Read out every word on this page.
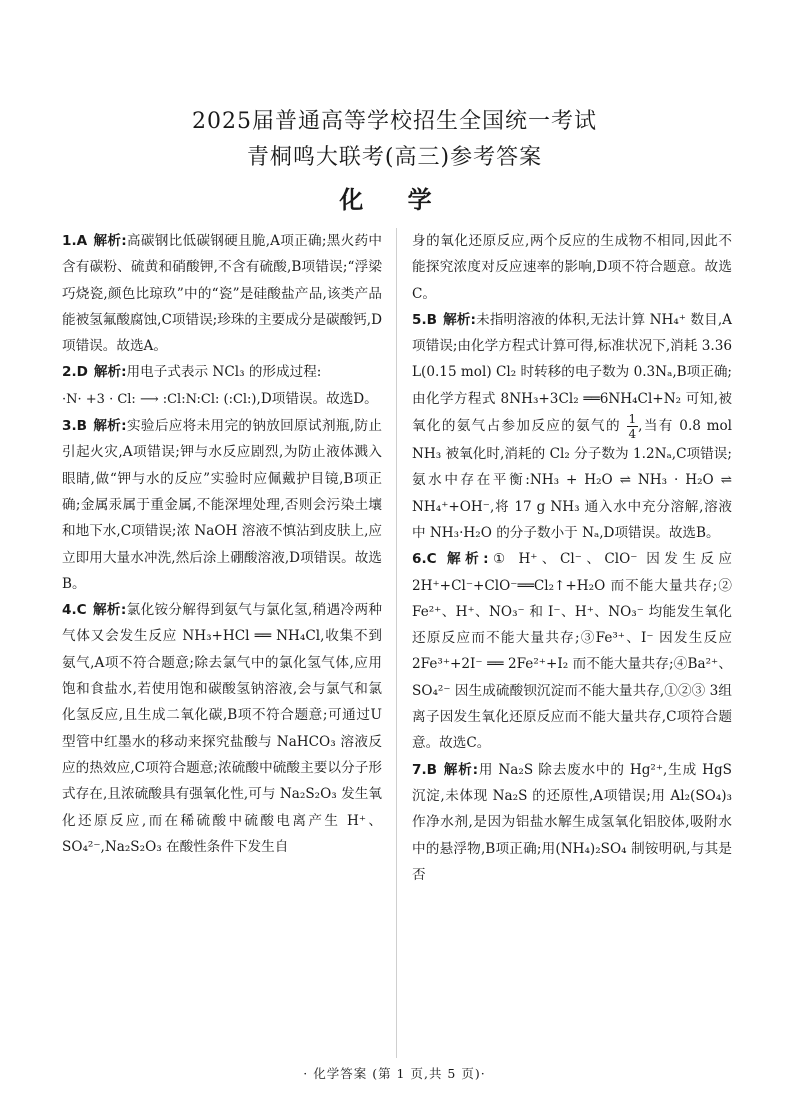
2025届普通高等学校招生全国统一考试
青桐鸣大联考(高三)参考答案
化 学

1.A 解析:高碳钢比低碳钢硬且脆,A项正确;黑火药中含有碳粉、硫黄和硝酸钾,不含有硫酸,B项错误;“浮梁巧烧瓷,颜色比琼玖”中的“瓷”是硅酸盐产品,该类产品能被氢氟酸腐蚀,C项错误;珍珠的主要成分是碳酸钙,D项错误。故选A。

2.D 解析:用电子式表示 NCl₃ 的形成过程:
·N· +3 · Cl: ⟶ :Cl:N:Cl: (:Cl:),D项错误。故选D。

3.B 解析:实验后应将未用完的钠放回原试剂瓶,防止引起火灾,A项错误;钾与水反应剧烈,为防止液体溅入眼睛,做“钾与水的反应”实验时应佩戴护目镜,B项正确;金属汞属于重金属,不能深埋处理,否则会污染土壤和地下水,C项错误;浓 NaOH 溶液不慎沾到皮肤上,应立即用大量水冲洗,然后涂上硼酸溶液,D项错误。故选B。

4.C 解析:氯化铵分解得到氨气与氯化氢,稍遇冷两种气体又会发生反应 NH₃+HCl ══ NH₄Cl,收集不到氨气,A项不符合题意;除去氯气中的氯化氢气体,应用饱和食盐水,若使用饱和碳酸氢钠溶液,会与氯气和氯化氢反应,且生成二氧化碳,B项不符合题意;可通过U型管中红墨水的移动来探究盐酸与 NaHCO₃ 溶液反应的热效应,C项符合题意;浓硫酸中硫酸主要以分子形式存在,且浓硫酸具有强氧化性,可与 Na₂S₂O₃ 发生氧化还原反应,而在稀硫酸中硫酸电离产生 H⁺、SO₄²⁻,Na₂S₂O₃ 在酸性条件下发生自

身的氧化还原反应,两个反应的生成物不相同,因此不能探究浓度对反应速率的影响,D项不符合题意。故选C。

5.B 解析:未指明溶液的体积,无法计算 NH₄⁺ 数目,A项错误;由化学方程式计算可得,标准状况下,消耗 3.36 L(0.15 mol) Cl₂ 时转移的电子数为 0.3Nₐ,B项正确;由化学方程式 8NH₃+3Cl₂ ══6NH₄Cl+N₂ 可知,被氧化的氨气占参加反应的氨气的 $\frac{1}{4}$ ,当有 0.8 mol NH₃ 被氧化时,消耗的 Cl₂ 分子数为 1.2Nₐ,C项错误;氨水中存在平衡:NH₃ + H₂O ⇌ NH₃ · H₂O ⇌ NH₄⁺+OH⁻,将 17 g NH₃ 通入水中充分溶解,溶液中 NH₃·H₂O 的分子数小于 Nₐ,D项错误。故选B。

6.C 解析:① H⁺、Cl⁻、ClO⁻ 因发生反应 2H⁺+Cl⁻+ClO⁻══Cl₂↑+H₂O 而不能大量共存;② Fe²⁺、H⁺、NO₃⁻ 和 I⁻、H⁺、NO₃⁻ 均能发生氧化还原反应而不能大量共存;③Fe³⁺、I⁻ 因发生反应 2Fe³⁺+2I⁻ ══ 2Fe²⁺+I₂ 而不能大量共存;④Ba²⁺、SO₄²⁻ 因生成硫酸钡沉淀而不能大量共存,①②③ 3组离子因发生氧化还原反应而不能大量共存,C项符合题意。故选C。

7.B 解析:用 Na₂S 除去废水中的 Hg²⁺,生成 HgS 沉淀,未体现 Na₂S 的还原性,A项错误;用 Al₂(SO₄)₃ 作净水剂,是因为铝盐水解生成氢氧化铝胶体,吸附水中的悬浮物,B项正确;用(NH₄)₂SO₄ 制铵明矾,与其是否

· 化学答案 (第 1 页,共 5 页)·
